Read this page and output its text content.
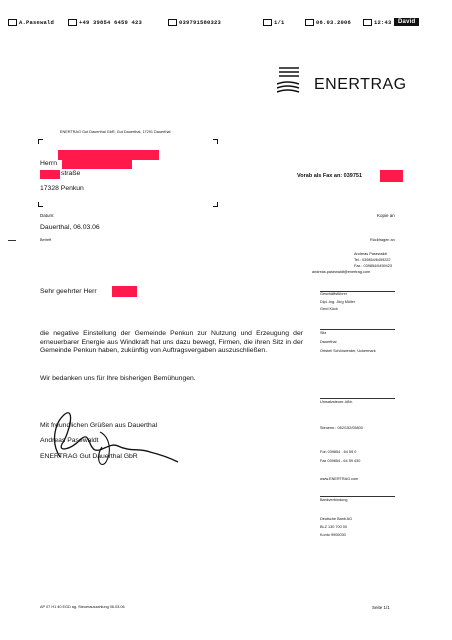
A.Pasewald	+49 39854 6459 423	039791580323	1/1	06.03.2006	12:43	David
ENERTRAG
ENERTRAG Gut Dauerthal GbR, Gut Dauerthal, 17291 Dauerthal
Herrn
straße
17328 Penkun
Vorab als Fax an: 039751
Datum:	Kopie an
Dauerthal, 06.03.06
Betreff	Rückfragen an
Andreas Pasewaldt
Tel.: 039854/6459222
Fax.: 039854/6459423
andreas.pasewaldt@enertrag.com
Sehr geehrter Herr
die negative Einstellung der Gemeinde Penkun zur Nutzung und Erzeugung der erneuerbarer Energie aus Windkraft hat uns dazu bewegt, Firmen, die ihren Sitz in der Gemeinde Penkun haben, zukünftig von Auftragsvergaben auszuschließen.
Wir bedanken uns für Ihre bisherigen Bemühungen.
Mit freundlichen Grüßen aus Dauerthal
Andreas Pasewaldt
ENERTRAG Gut Dauerthal GbR
Geschäftsführer
Dipl.-Ing. Jörg Müller
Gerd Kück
Sitz
Dauerthal
Ortsteil Schönwerder, Uckermark
Umsatzsteuer-IdNr.
Steuernr.: 062/152/05800
Fon 039854 - 64 59 0
Fax 039854 - 64 59 430
www.ENERTRAG.com
Bankverbindung
Deutsche Bank AG
BLZ 130 700 00
Konto 9900030
AP 07 H1 40 EGD ag. Steuerauszahlung 06.03.06	Seite 1/1
